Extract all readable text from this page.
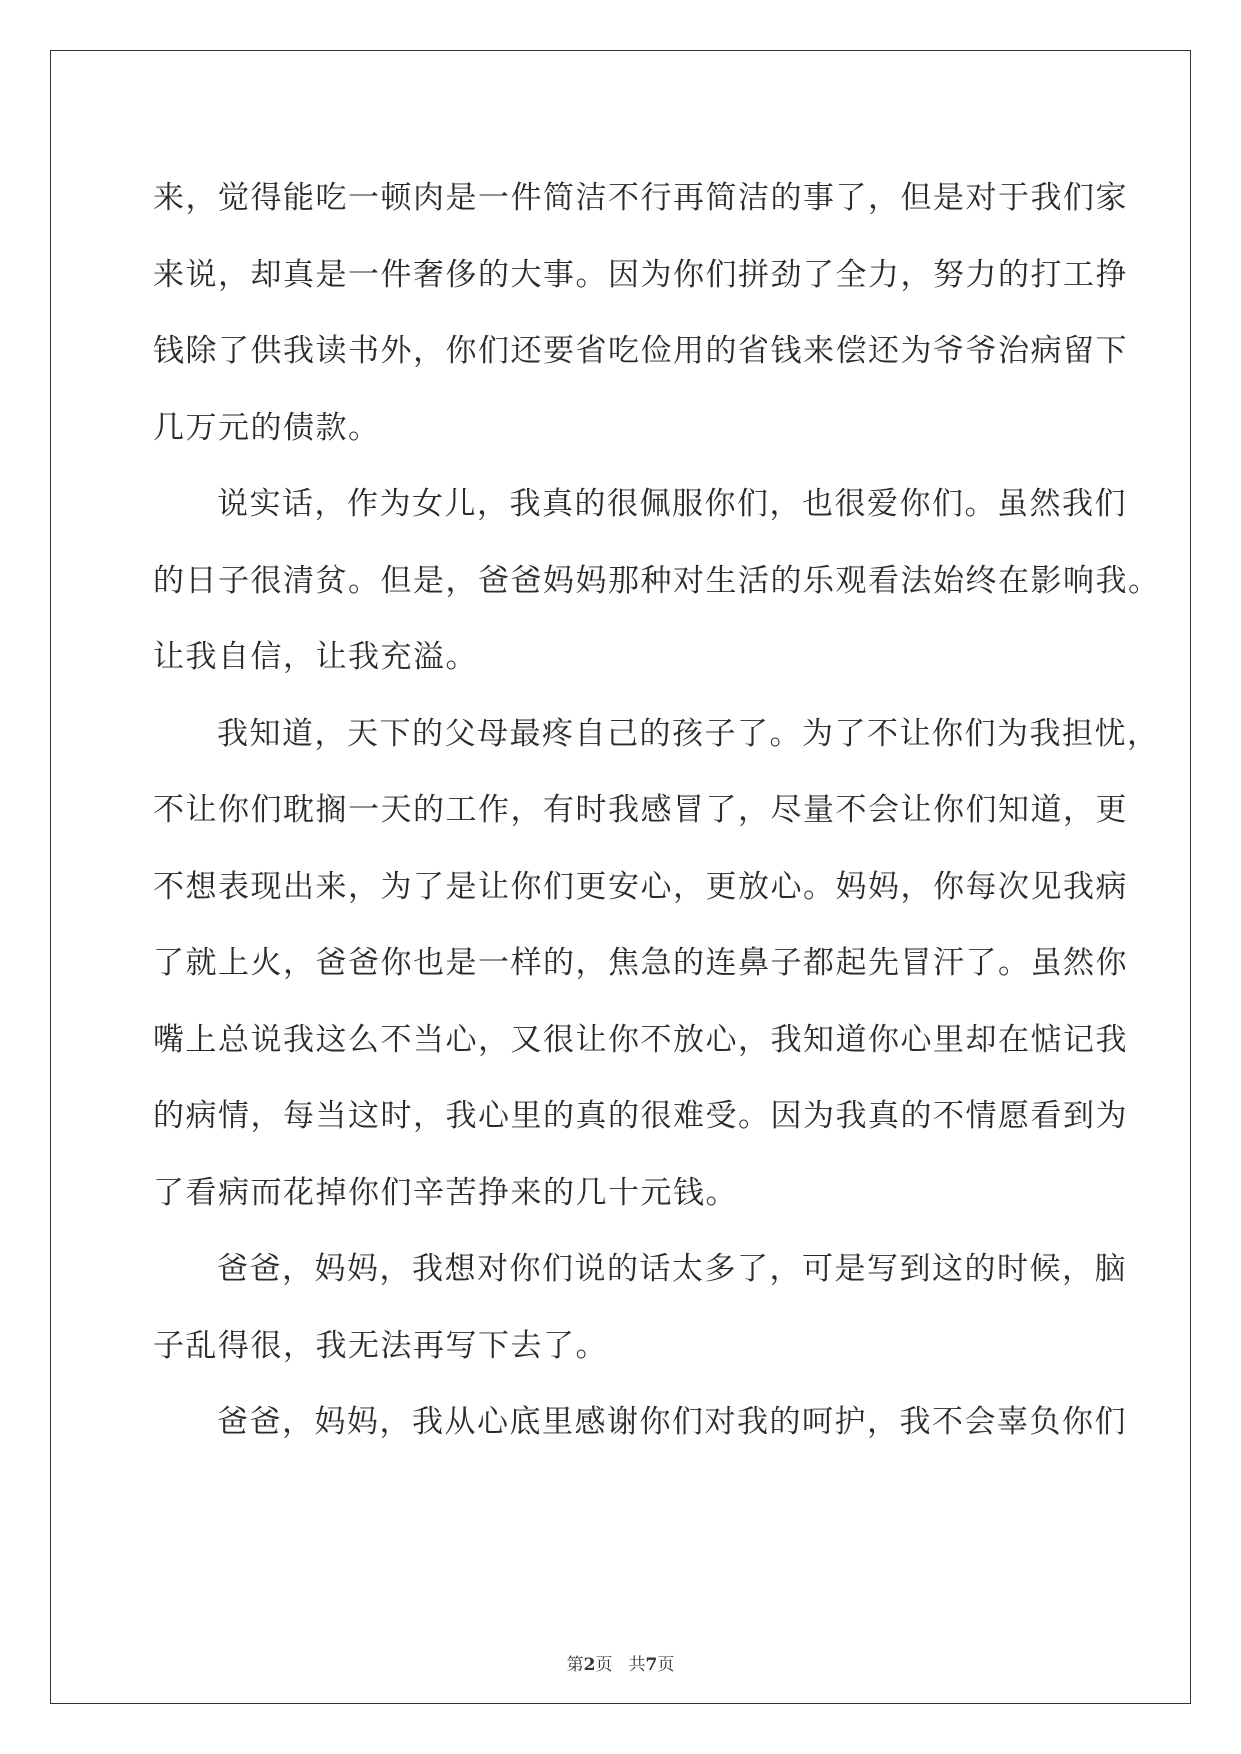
来，觉得能吃一顿肉是一件简洁不行再简洁的事了，但是对于我们家
来说，却真是一件奢侈的大事。因为你们拼劲了全力，努力的打工挣
钱除了供我读书外，你们还要省吃俭用的省钱来偿还为爷爷治病留下
几万元的债款。
说实话，作为女儿，我真的很佩服你们，也很爱你们。虽然我们
的日子很清贫。但是，爸爸妈妈那种对生活的乐观看法始终在影响我。
让我自信，让我充溢。
我知道，天下的父母最疼自己的孩子了。为了不让你们为我担忧，
不让你们耽搁一天的工作，有时我感冒了，尽量不会让你们知道，更
不想表现出来，为了是让你们更安心，更放心。妈妈，你每次见我病
了就上火，爸爸你也是一样的，焦急的连鼻子都起先冒汗了。虽然你
嘴上总说我这么不当心，又很让你不放心，我知道你心里却在惦记我
的病情，每当这时，我心里的真的很难受。因为我真的不情愿看到为
了看病而花掉你们辛苦挣来的几十元钱。
爸爸，妈妈，我想对你们说的话太多了，可是写到这的时候，脑
子乱得很，我无法再写下去了。
爸爸，妈妈，我从心底里感谢你们对我的呵护，我不会辜负你们
第2页 共7页
